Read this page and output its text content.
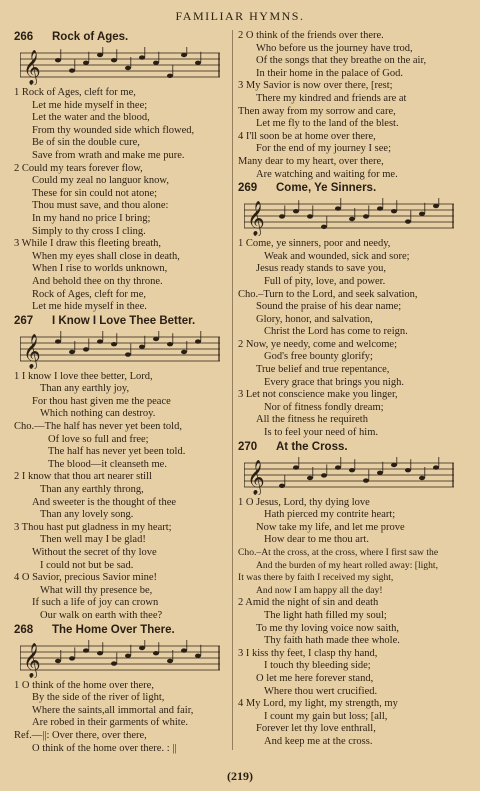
FAMILIAR HYMNS.
266 Rock of Ages.
𝄞
1 Rock of Ages, cleft for me,
Let me hide myself in thee;
Let the water and the blood,
From thy wounded side which flowed,
Be of sin the double cure,
Save from wrath and make me pure.
2 Could my tears forever flow,
Could my zeal no languor know,
These for sin could not atone;
Thou must save, and thou alone:
In my hand no price I bring;
Simply to thy cross I cling.
3 While I draw this fleeting breath,
When my eyes shall close in death,
When I rise to worlds unknown,
And behold thee on thy throne.
Rock of Ages, cleft for me,
Let me hide myself in thee.
267 I Know I Love Thee Better.
𝄞
1 I know I love thee better, Lord,
Than any earthly joy,
For thou hast given me the peace
Which nothing can destroy.
Cho.—The half has never yet been told,
Of love so full and free;
The half has never yet been told.
The blood—it cleanseth me.
2 I know that thou art nearer still
Than any earthly throng,
And sweeter is the thought of thee
Than any lovely song.
3 Thou hast put gladness in my heart;
Then well may I be glad!
Without the secret of thy love
I could not but be sad.
4 O Savior, precious Savior mine!
What will thy presence be,
If such a life of joy can crown
Our walk on earth with thee?
268 The Home Over There.
𝄞
1 O think of the home over there,
By the side of the river of light,
Where the saints,all immortal and fair,
Are robed in their garments of white.
Ref.—||: Over there, over there,
O think of the home over there. : ||
2 O think of the friends over there.
Who before us the journey have trod,
Of the songs that they breathe on the air,
In their home in the palace of God.
3 My Savior is now over there, [rest;
There my kindred and friends are at
Then away from my sorrow and care,
Let me fly to the land of the blest.
4 I'll soon be at home over there,
For the end of my journey I see;
Many dear to my heart, over there,
Are watching and waiting for me.
269 Come, Ye Sinners.
𝄞
1 Come, ye sinners, poor and needy,
Weak and wounded, sick and sore;
Jesus ready stands to save you,
Full of pity, love, and power.
Cho.–Turn to the Lord, and seek salvation,
Sound the praise of his dear name;
Glory, honor, and salvation,
Christ the Lord has come to reign.
2 Now, ye needy, come and welcome;
God's free bounty glorify;
True belief and true repentance,
Every grace that brings you nigh.
3 Let not conscience make you linger,
Nor of fitness fondly dream;
All the fitness he requireth
Is to feel your need of him.
270 At the Cross.
𝄞
1 O Jesus, Lord, thy dying love
Hath pierced my contrite heart;
Now take my life, and let me prove
How dear to me thou art.
Cho.–At the cross, at the cross, where I first saw the
And the burden of my heart rolled away: [light,
It was there by faith I received my sight,
And now I am happy all the day!
2 Amid the night of sin and death
The light hath filled my soul;
To me thy loving voice now saith,
Thy faith hath made thee whole.
3 I kiss thy feet, I clasp thy hand,
I touch thy bleeding side;
O let me here forever stand,
Where thou wert crucified.
4 My Lord, my light, my strength, my
I count my gain but loss; [all,
Forever let thy love enthrall,
And keep me at the cross.
(219)
